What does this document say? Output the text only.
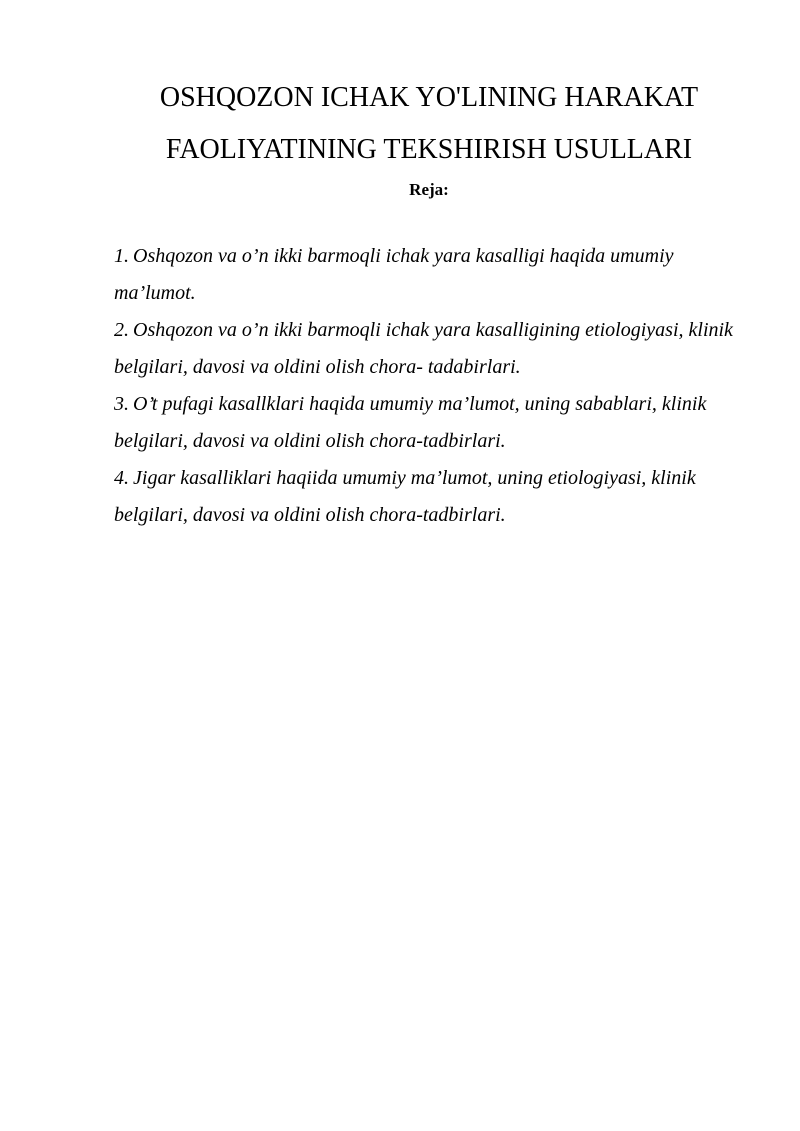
OSHQOZON ICHAK YO'LINING HARAKAT
FAOLIYATINING TEKSHIRISH USULLARI

Reja:

1.  Oshqozon va o’n ikki barmoqli ichak yara kasalligi haqida umumiy ma’lumot.
2.  Oshqozon va o’n ikki barmoqli ichak yara kasalligining etiologiyasi, klinik belgilari, davosi va oldini olish chora- tadabirlari.
3.  O’t pufagi kasallklari haqida umumiy ma’lumot, uning sabablari, klinik belgilari, davosi va oldini olish chora-tadbirlari.
4.  Jigar kasalliklari haqiida umumiy ma’lumot, uning etiologiyasi, klinik belgilari, davosi va oldini olish chora-tadbirlari.
